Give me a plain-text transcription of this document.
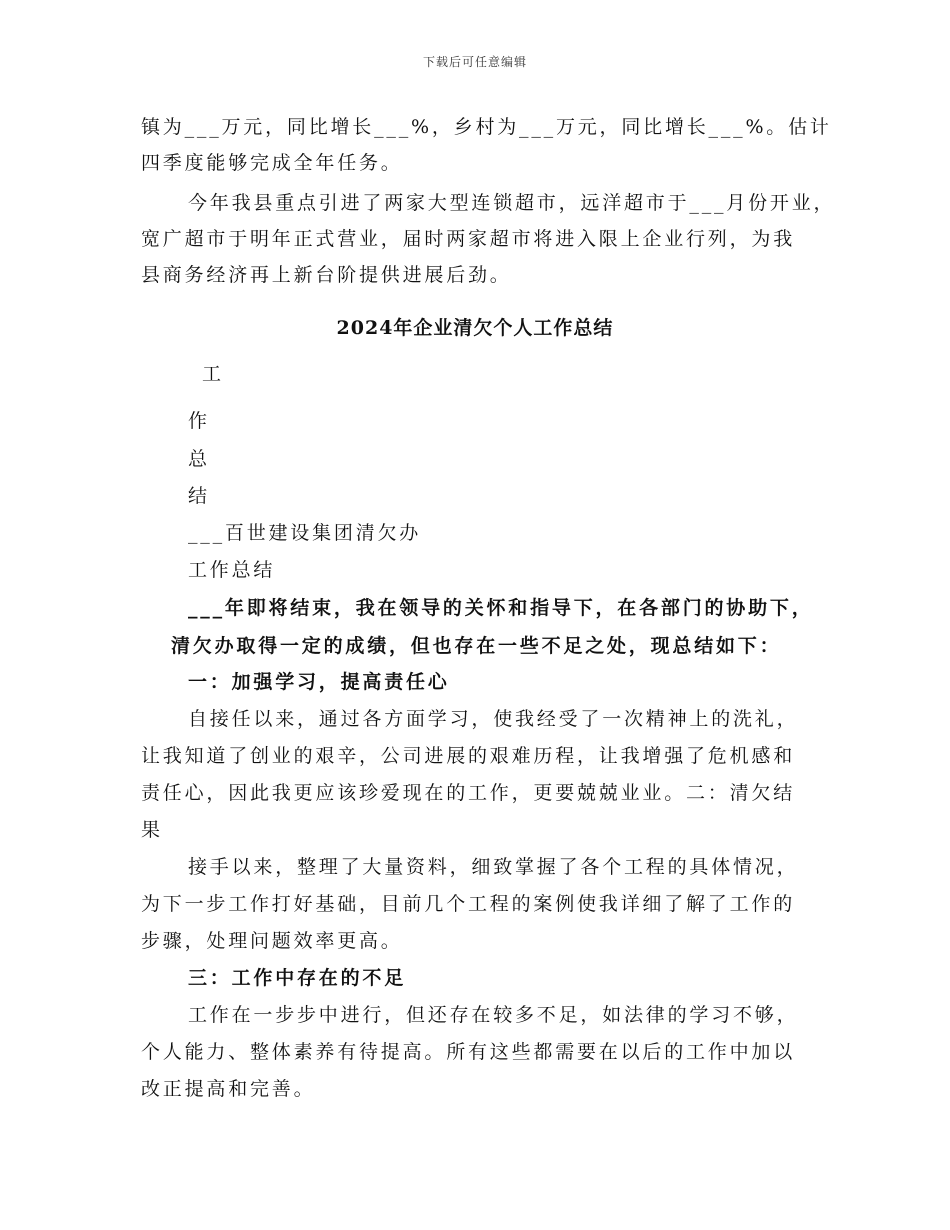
下载后可任意编辑
镇为___万元，同比增长___%，乡村为___万元，同比增长___%。估计
四季度能够完成全年任务。
今年我县重点引进了两家大型连锁超市，远洋超市于___月份开业，
宽广超市于明年正式营业，届时两家超市将进入限上企业行列，为我
县商务经济再上新台阶提供进展后劲。
2024年企业清欠个人工作总结
工
作
总
结
___百世建设集团清欠办
工作总结
___年即将结束，我在领导的关怀和指导下，在各部门的协助下，
清欠办取得一定的成绩，但也存在一些不足之处，现总结如下：
一：加强学习，提高责任心
自接任以来，通过各方面学习，使我经受了一次精神上的洗礼，
让我知道了创业的艰辛，公司进展的艰难历程，让我增强了危机感和
责任心，因此我更应该珍爱现在的工作，更要兢兢业业。二：清欠结
果
接手以来，整理了大量资料，细致掌握了各个工程的具体情况，
为下一步工作打好基础，目前几个工程的案例使我详细了解了工作的
步骤，处理问题效率更高。
三：工作中存在的不足
工作在一步步中进行，但还存在较多不足，如法律的学习不够，
个人能力、整体素养有待提高。所有这些都需要在以后的工作中加以
改正提高和完善。
